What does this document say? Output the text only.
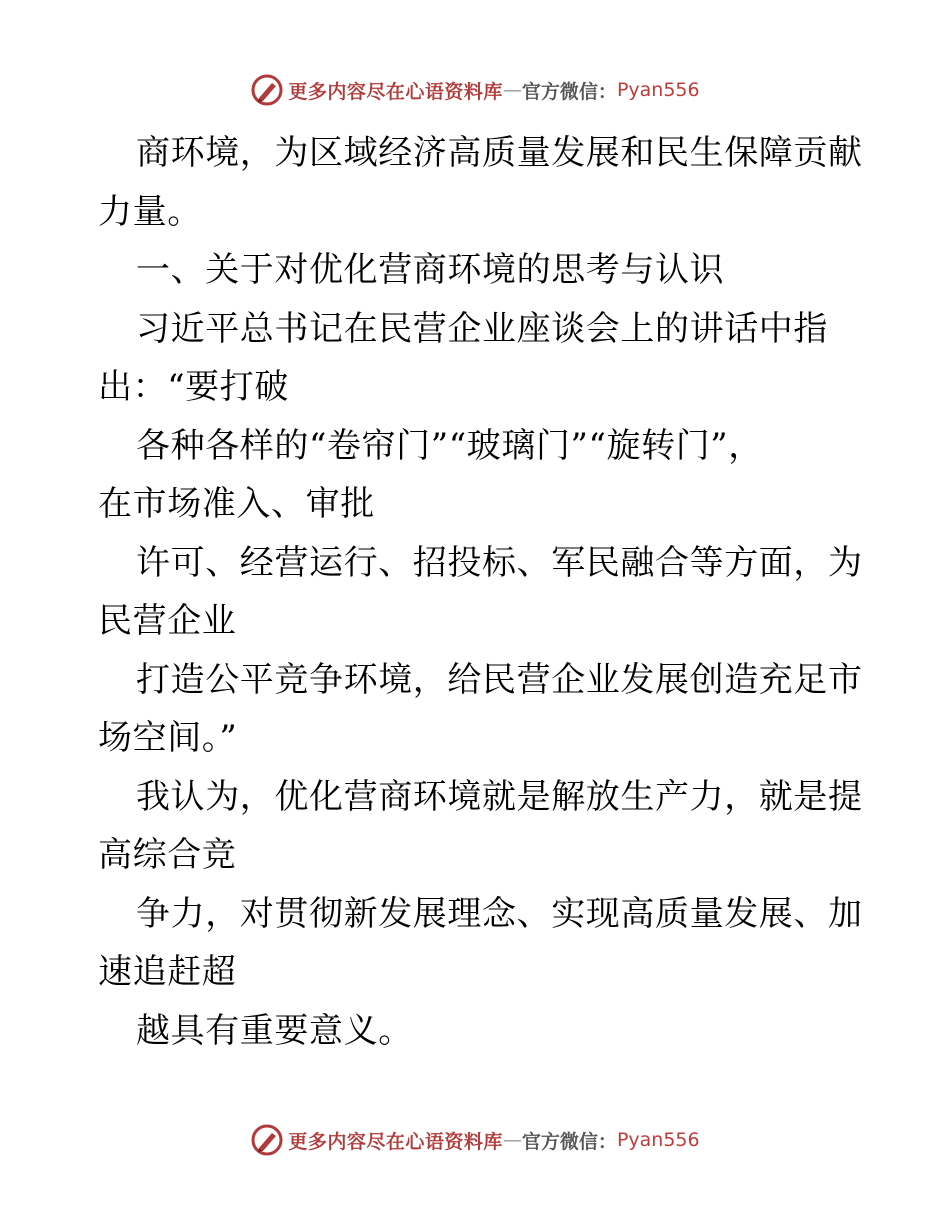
更多内容尽在心语资料库 — 官方微信： Pyan556
商环境，为区域经济高质量发展和民生保障贡献
力量。
一、关于对优化营商环境的思考与认识
习近平总书记在民营企业座谈会上的讲话中指
出：“要打破
各种各样的“卷帘门”“玻璃门”“旋转门”，
在市场准入、审批
许可、经营运行、招投标、军民融合等方面，为
民营企业
打造公平竞争环境，给民营企业发展创造充足市
场空间。”
我认为，优化营商环境就是解放生产力，就是提
高综合竞
争力，对贯彻新发展理念、实现高质量发展、加
速追赶超
越具有重要意义。
更多内容尽在心语资料库 — 官方微信： Pyan556
